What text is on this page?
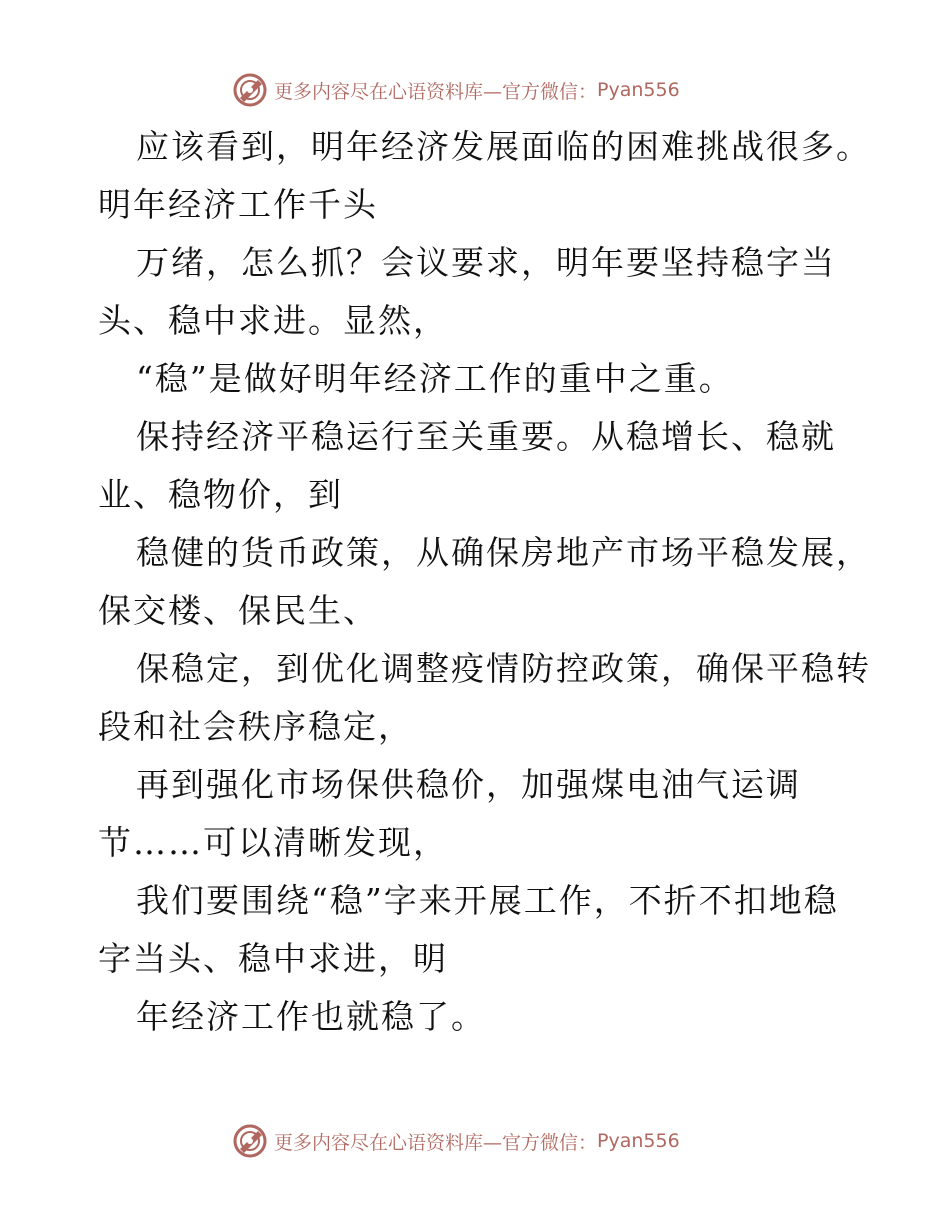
更多内容尽在心语资料库—官方微信： Pyan556
应该看到，明年经济发展面临的困难挑战很多。
明年经济工作千头
万绪，怎么抓？会议要求，明年要坚持稳字当
头、稳中求进。显然，
“稳”是做好明年经济工作的重中之重。
保持经济平稳运行至关重要。从稳增长、稳就
业、稳物价，到
稳健的货币政策，从确保房地产市场平稳发展，
保交楼、保民生、
保稳定，到优化调整疫情防控政策，确保平稳转
段和社会秩序稳定，
再到强化市场保供稳价，加强煤电油气运调
节……可以清晰发现，
我们要围绕“稳”字来开展工作，不折不扣地稳
字当头、稳中求进，明
年经济工作也就稳了。
更多内容尽在心语资料库—官方微信： Pyan556
